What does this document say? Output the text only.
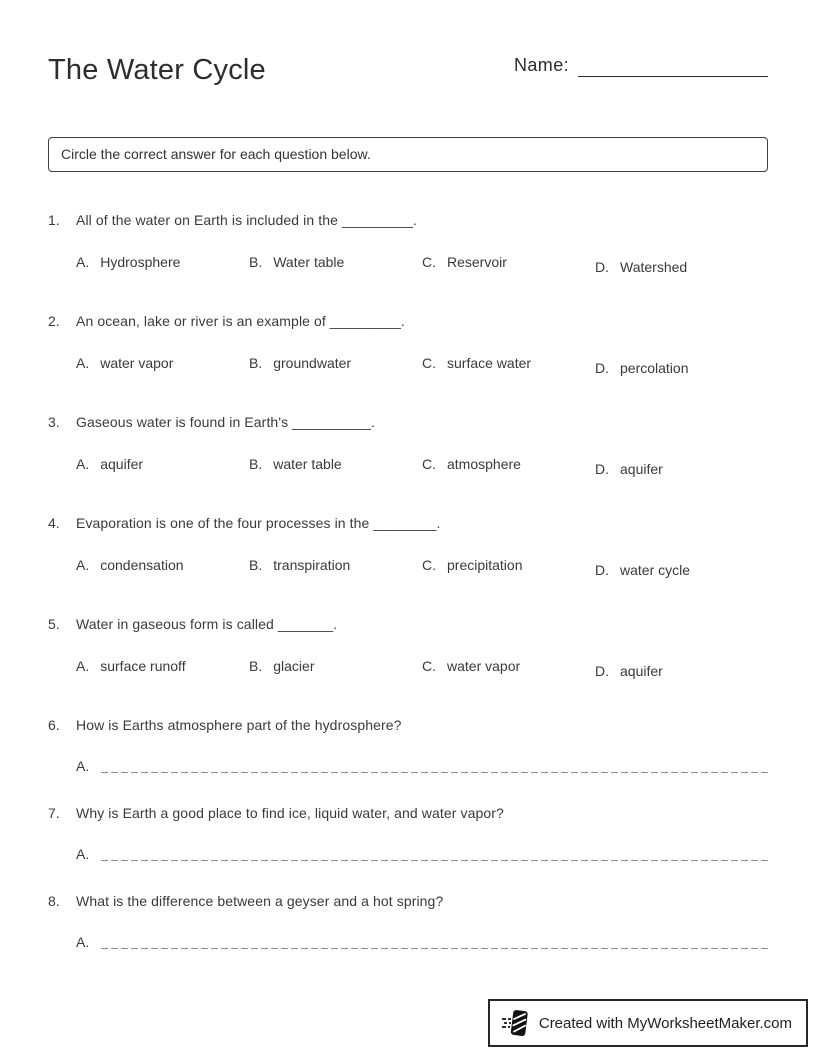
The Water Cycle	Name:
Circle the correct answer for each question below.
1.	All of the water on Earth is included in the _________.
A. Hydrosphere	B. Water table	C. Reservoir	D. Watershed
2.	An ocean, lake or river is an example of _________.
A. water vapor	B. groundwater	C. surface water	D. percolation
3.	Gaseous water is found in Earth's __________.
A. aquifer	B. water table	C. atmosphere	D. aquifer
4.	Evaporation is one of the four processes in the ________.
A. condensation	B. transpiration	C. precipitation	D. water cycle
5.	Water in gaseous form is called _______.
A. surface runoff	B. glacier	C. water vapor	D. aquifer
6.	How is Earths atmosphere part of the hydrosphere?
A.
7.	Why is Earth a good place to find ice, liquid water, and water vapor?
A.
8.	What is the difference between a geyser and a hot spring?
A.
Created with MyWorksheetMaker.com
